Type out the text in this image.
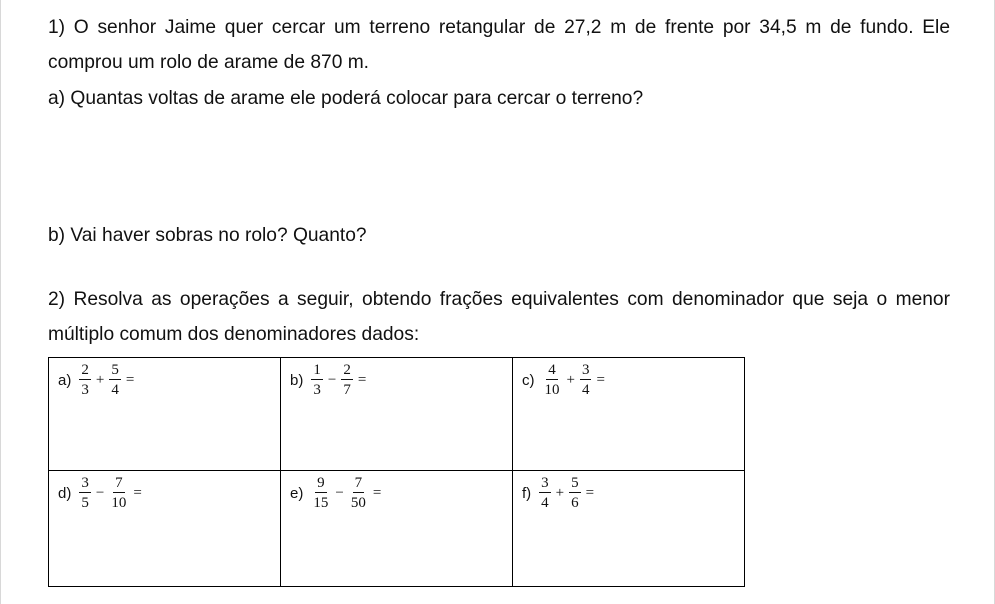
1) O senhor Jaime quer cercar um terreno retangular de 27,2 m de frente por 34,5 m de fundo. Ele
comprou um rolo de arame de 870 m.
a) Quantas voltas de arame ele poderá colocar para cercar o terreno?
b) Vai haver sobras no rolo? Quanto?
2) Resolva as operações a seguir, obtendo frações equivalentes com denominador que seja o menor
múltiplo comum dos denominadores dados:
$a) \frac{2}{3} + \frac{5}{4}$ =	$b) \frac{1}{3} - \frac{2}{7}$ =	$c) \frac{4}{10} + \frac{3}{4}$ =
$d) \frac{3}{5} - \frac{7}{10}$ =	$e) \frac{9}{15} - \frac{7}{50}$ =	$f) \frac{3}{4} + \frac{5}{6}$ =
